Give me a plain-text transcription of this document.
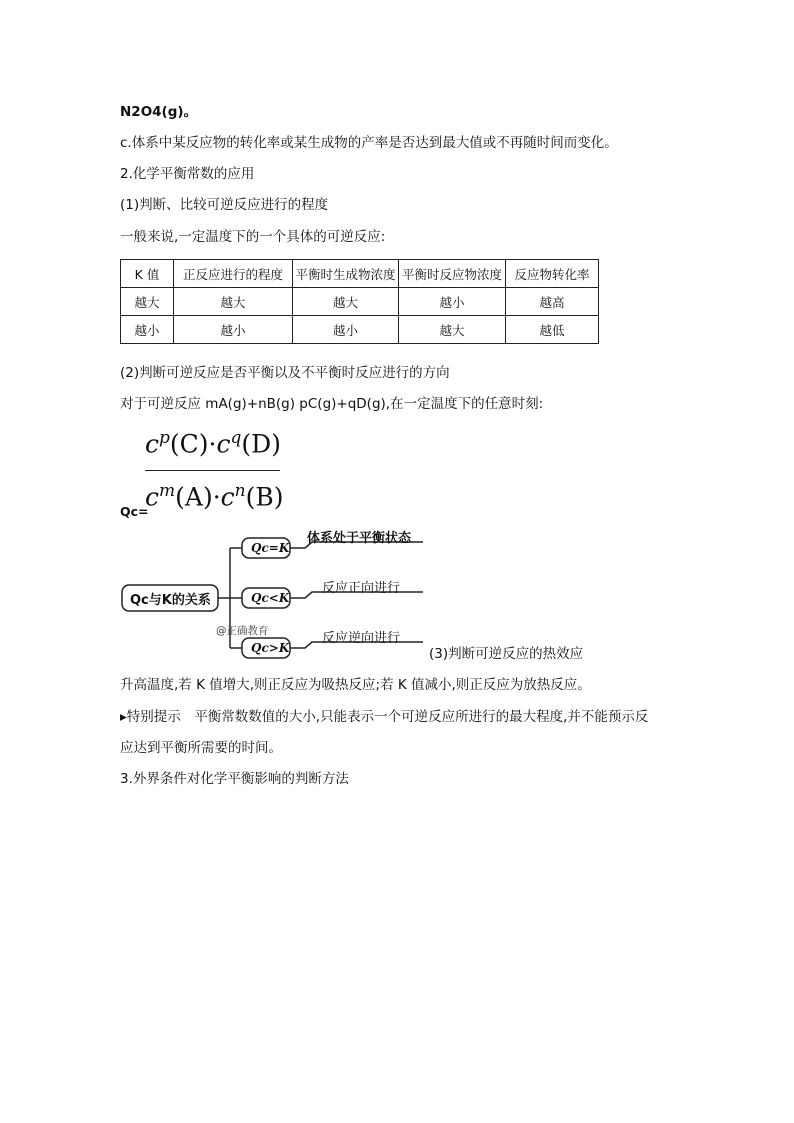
N2O4(g)。
c.体系中某反应物的转化率或某生成物的产率是否达到最大值或不再随时间而变化。
2.化学平衡常数的应用
(1)判断、比较可逆反应进行的程度
一般来说,一定温度下的一个具体的可逆反应:
K 值	正反应进行的程度	平衡时生成物浓度	平衡时反应物浓度	反应物转化率
越大	越大	越大	越小	越高
越小	越小	越小	越大	越低
(2)判断可逆反应是否平衡以及不平衡时反应进行的方向
对于可逆反应 mA(g)+nB(g) pC(g)+qD(g),在一定温度下的任意时刻:
$c^p(C)\cdot c^q(D)$
$c^m(A)\cdot c^n(B)$
Qc=
Qc与K的关系
Qc=K
Qc<K
Qc>K
体系处于平衡状态
反应正向进行
反应逆向进行
@正确教育
(3)判断可逆反应的热效应
升高温度,若 K 值增大,则正反应为吸热反应;若 K 值减小,则正反应为放热反应。
▸特别提示　平衡常数数值的大小,只能表示一个可逆反应所进行的最大程度,并不能预示反
应达到平衡所需要的时间。
3.外界条件对化学平衡影响的判断方法
